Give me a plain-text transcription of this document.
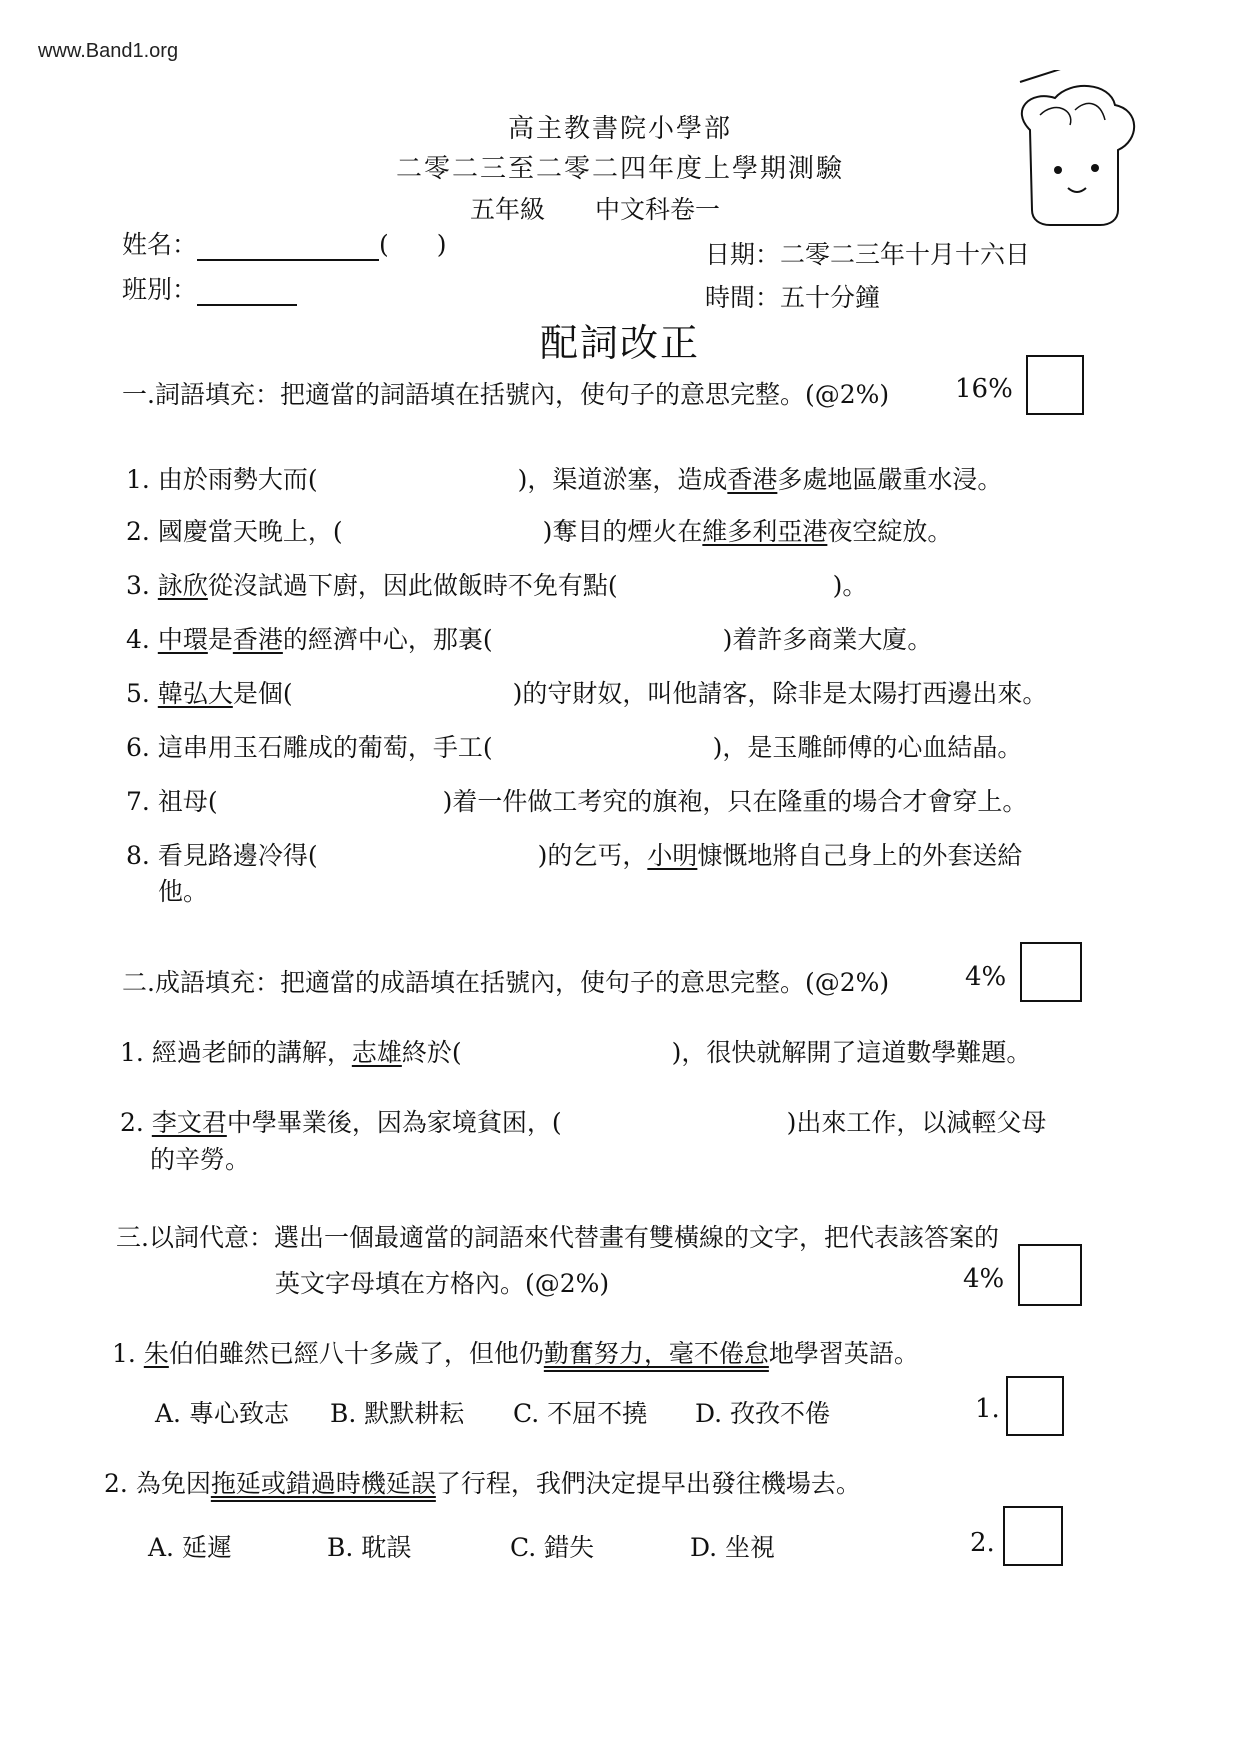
www.Band1.org
高主教書院小學部
二零二三至二零二四年度上學期測驗
五年級 中文科卷一
姓名：	( )
班別：
日期：二零二三年十月十六日
時間：五十分鐘
配詞改正
一.詞語填充：把適當的詞語填在括號內，使句子的意思完整。(@2%)	16%
1. 由於雨勢大而(	)，渠道淤塞，造成香港多處地區嚴重水浸。
2. 國慶當天晚上，(	)奪目的煙火在維多利亞港夜空綻放。
3. 詠欣從沒試過下廚，因此做飯時不免有點(	)。
4. 中環是香港的經濟中心，那裏(	)着許多商業大廈。
5. 韓弘大是個(	)的守財奴，叫他請客，除非是太陽打西邊出來。
6. 這串用玉石雕成的葡萄，手工(	)，是玉雕師傅的心血結晶。
7. 祖母(	)着一件做工考究的旗袍，只在隆重的場合才會穿上。
8. 看見路邊冷得(	)的乞丐，小明慷慨地將自己身上的外套送給
他。
二.成語填充：把適當的成語填在括號內，使句子的意思完整。(@2%)	4%
1. 經過老師的講解，志雄終於(	)，很快就解開了這道數學難題。
2. 李文君中學畢業後，因為家境貧困，(	)出來工作，以減輕父母
的辛勞。
三.以詞代意：選出一個最適當的詞語來代替畫有雙橫線的文字，把代表該答案的
英文字母填在方格內。(@2%)	4%
1. 朱伯伯雖然已經八十多歲了，但他仍勤奮努力，毫不倦怠地學習英語。
A. 專心致志 B. 默默耕耘 C. 不屈不撓 D. 孜孜不倦	1.
2. 為免因拖延或錯過時機延誤了行程，我們決定提早出發往機場去。
A. 延遲	B. 耽誤	C. 錯失	D. 坐視	2.
